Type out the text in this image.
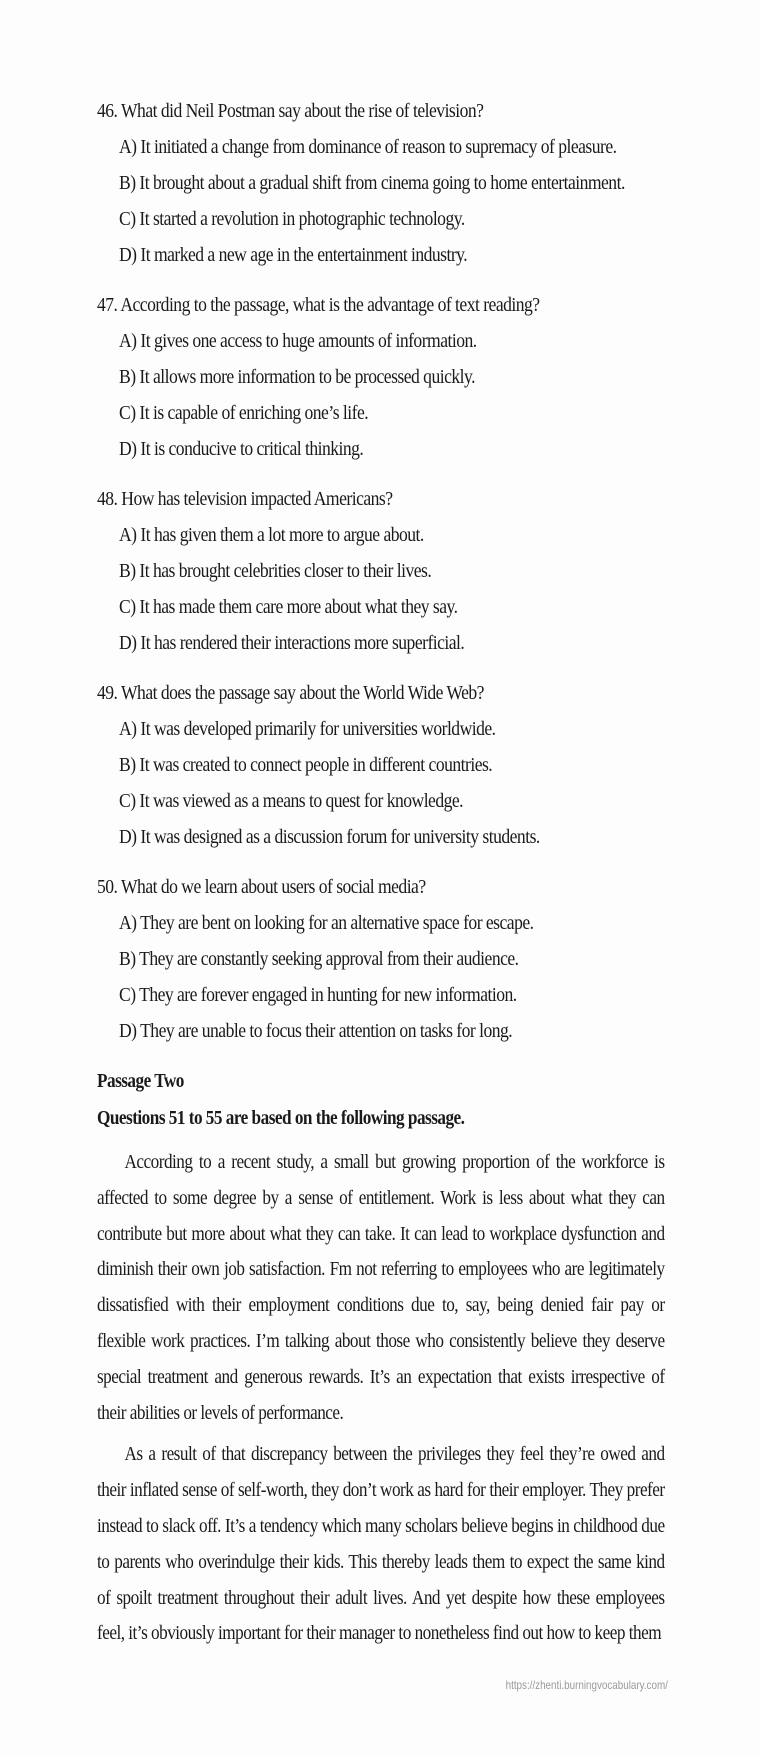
46. What did Neil Postman say about the rise of television?
A) It initiated a change from dominance of reason to supremacy of pleasure.
B) It brought about a gradual shift from cinema going to home entertainment.
C) It started a revolution in photographic technology.
D) It marked a new age in the entertainment industry.
47. According to the passage, what is the advantage of text reading?
A) It gives one access to huge amounts of information.
B) It allows more information to be processed quickly.
C) It is capable of enriching one’s life.
D) It is conducive to critical thinking.
48. How has television impacted Americans?
A) It has given them a lot more to argue about.
B) It has brought celebrities closer to their lives.
C) It has made them care more about what they say.
D) It has rendered their interactions more superficial.
49. What does the passage say about the World Wide Web?
A) It was developed primarily for universities worldwide.
B) It was created to connect people in different countries.
C) It was viewed as a means to quest for knowledge.
D) It was designed as a discussion forum for university students.
50. What do we learn about users of social media?
A) They are bent on looking for an alternative space for escape.
B) They are constantly seeking approval from their audience.
C) They are forever engaged in hunting for new information.
D) They are unable to focus their attention on tasks for long.
Passage Two
Questions 51 to 55 are based on the following passage.

According to a recent study, a small but growing proportion of the workforce is affected to some degree by a sense of entitlement. Work is less about what they can contribute but more about what they can take. It can lead to workplace dysfunction and diminish their own job satisfaction. Fm not referring to employees who are legitimately dissatisfied with their employment conditions due to, say, being denied fair pay or flexible work practices. I’m talking about those who consistently believe they deserve special treatment and generous rewards. It’s an expectation that exists irrespective of their abilities or levels of performance.

As a result of that discrepancy between the privileges they feel they’re owed and their inflated sense of self-worth, they don’t work as hard for their employer. They prefer instead to slack off. It’s a tendency which many scholars believe begins in childhood due to parents who overindulge their kids. This thereby leads them to expect the same kind of spoilt treatment throughout their adult lives. And yet despite how these employees feel, it’s obviously important for their manager to nonetheless find out how to keep them

https://zhenti.burningvocabulary.com/
